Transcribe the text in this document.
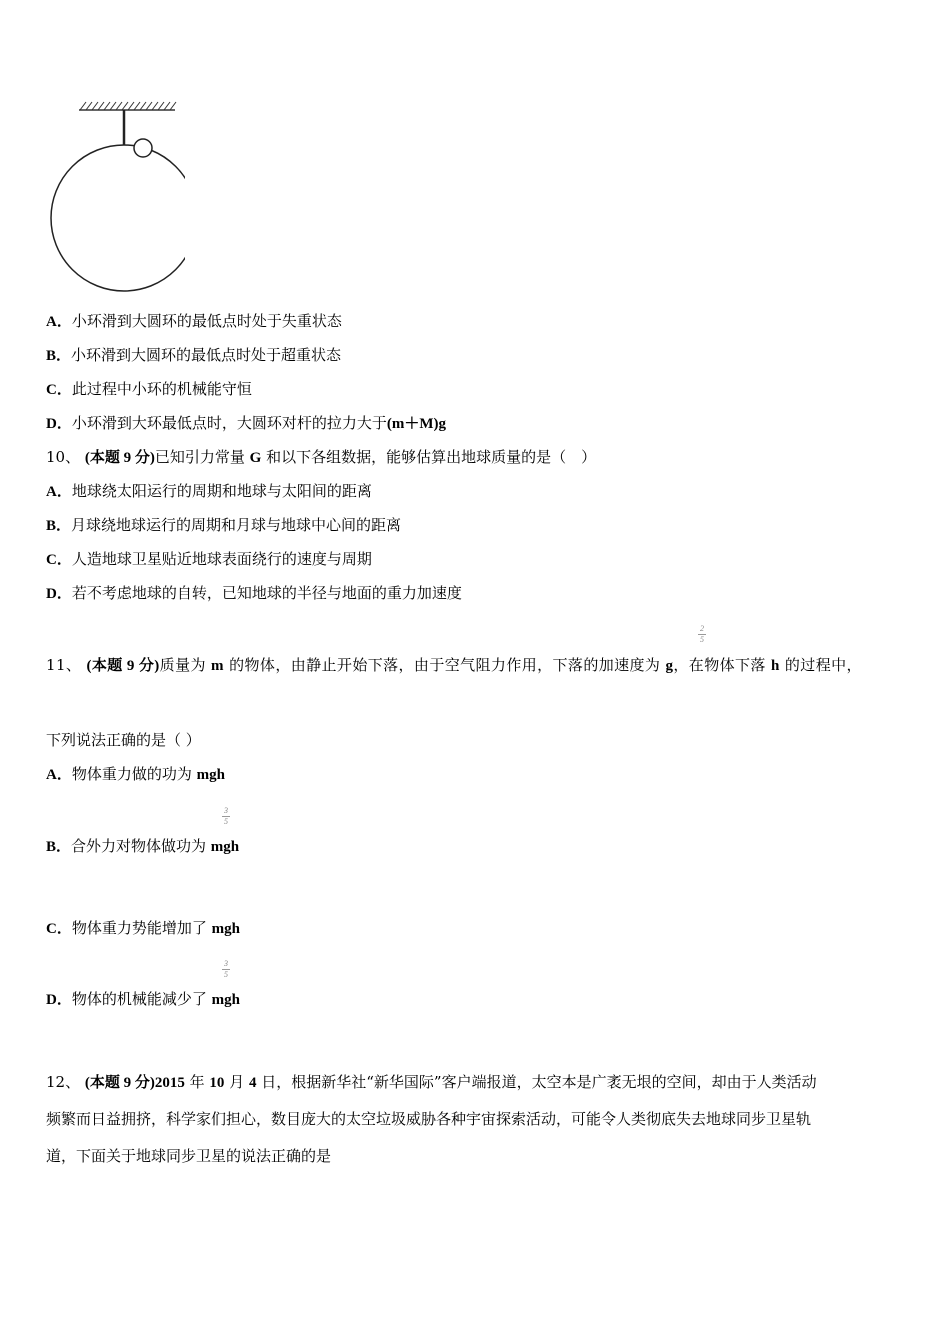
A．小环滑到大圆环的最低点时处于失重状态
B．小环滑到大圆环的最低点时处于超重状态
C．此过程中小环的机械能守恒
D．小环滑到大环最低点时，大圆环对杆的拉力大于(m＋M)g
10、 (本题 9 分)已知引力常量 G 和以下各组数据，能够估算出地球质量的是（　）
A．地球绕太阳运行的周期和地球与太阳间的距离
B．月球绕地球运行的周期和月球与地球中心间的距离
C．人造地球卫星贴近地球表面绕行的速度与周期
D．若不考虑地球的自转，已知地球的半径与地面的重力加速度
2
5
11、 (本题 9 分)质量为 m 的物体，由静止开始下落，由于空气阻力作用，下落的加速度为 g，在物体下落 h 的过程中，
下列说法正确的是（ ）
A．物体重力做的功为 mgh
3
5
B．合外力对物体做功为 mgh
C．物体重力势能增加了 mgh
3
5
D．物体的机械能减少了 mgh
12、 (本题 9 分)2015 年 10 月 4 日，根据新华社“新华国际”客户端报道，太空本是广袤无垠的空间，却由于人类活动
频繁而日益拥挤，科学家们担心，数目庞大的太空垃圾威胁各种宇宙探索活动，可能令人类彻底失去地球同步卫星轨
道，下面关于地球同步卫星的说法正确的是
